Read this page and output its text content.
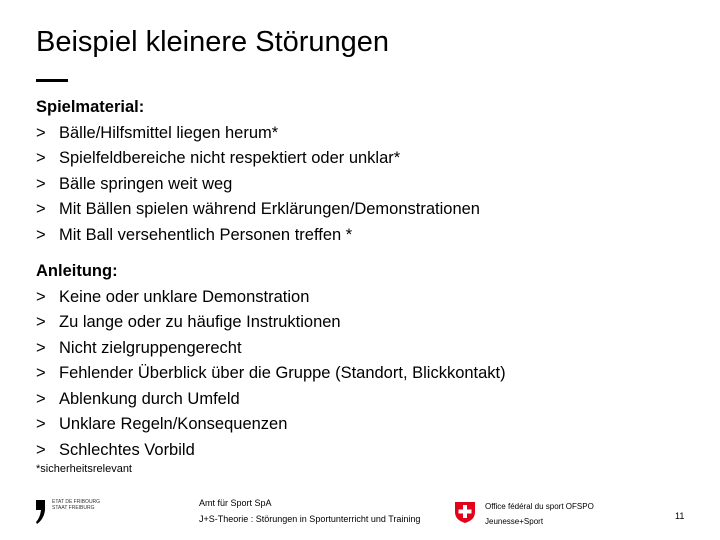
Beispiel kleinere Störungen
Spielmaterial:
> Bälle/Hilfsmittel liegen herum*
> Spielfeldbereiche nicht respektiert oder unklar*
> Bälle springen weit weg
> Mit Bällen spielen während Erklärungen/Demonstrationen
> Mit Ball versehentlich Personen treffen *
Anleitung:
> Keine oder unklare Demonstration
> Zu lange oder zu häufige Instruktionen
> Nicht zielgruppengerecht
> Fehlender Überblick über die Gruppe (Standort, Blickkontakt)
> Ablenkung durch Umfeld
> Unklare Regeln/Konsequenzen
> Schlechtes Vorbild
*sicherheitsrelevant
ETAT DE FRIBOURG
STAAT FREIBURG	Amt für Sport SpA
J+S-Theorie : Störungen in Sportunterricht und Training
Office fédéral du sport OFSPO
Jeunesse+Sport
11
